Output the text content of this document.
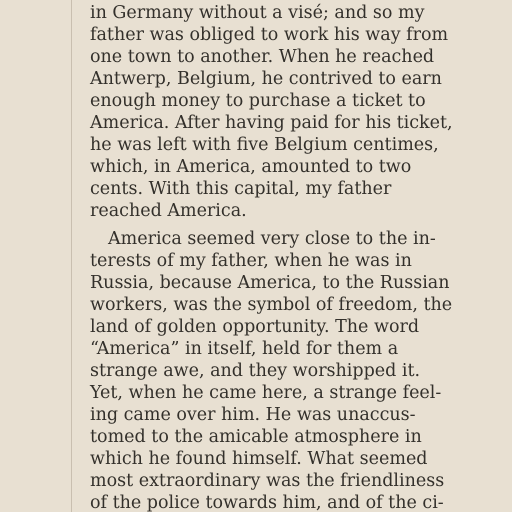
in Germany without a visé; and so my
father was obliged to work his way from
one town to another. When he reached
Antwerp, Belgium, he contrived to earn
enough money to purchase a ticket to
America. After having paid for his ticket,
he was left with five Belgium centimes,
which, in America, amounted to two
cents. With this capital, my father
reached America.
America seemed very close to the in-
terests of my father, when he was in
Russia, because America, to the Russian
workers, was the symbol of freedom, the
land of golden opportunity. The word
“America” in itself, held for them a
strange awe, and they worshipped it.
Yet, when he came here, a strange feel-
ing came over him. He was unaccus-
tomed to the amicable atmosphere in
which he found himself. What seemed
most extraordinary was the friendliness
of the police towards him, and of the ci-
